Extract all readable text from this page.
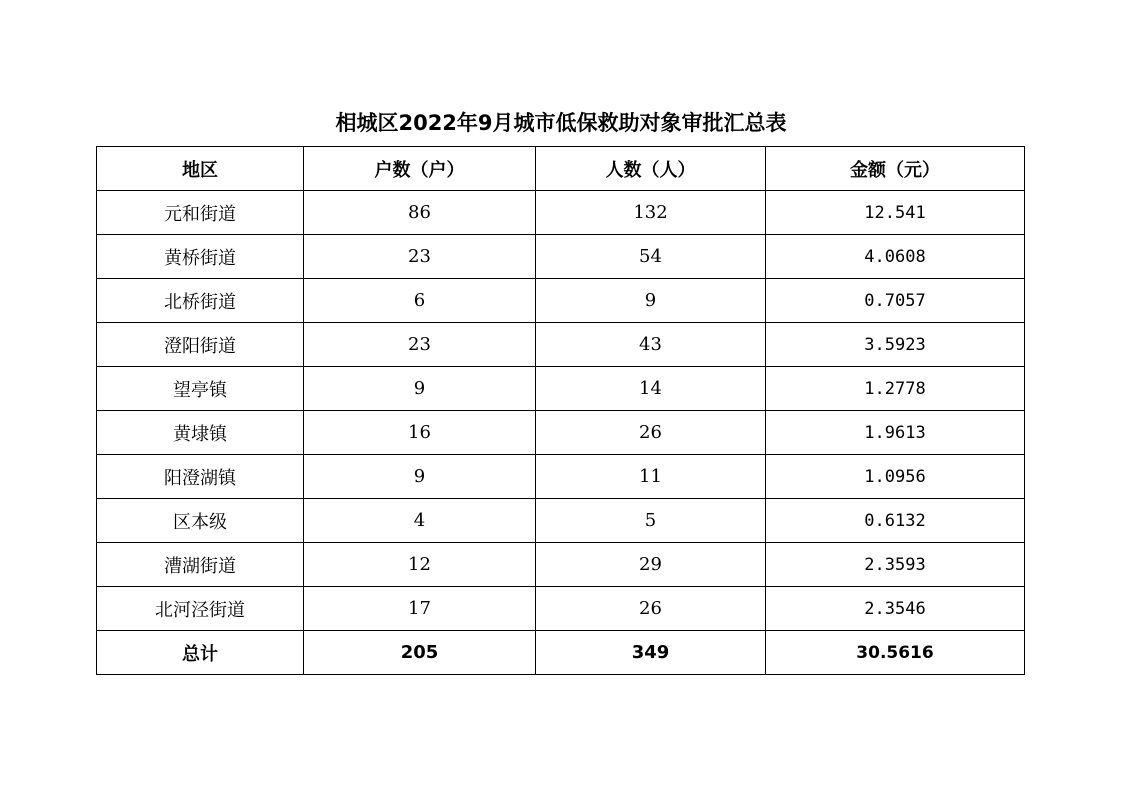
相城区2022年9月城市低保救助对象审批汇总表
地区	户数（户）	人数（人）	金额（元）
元和街道	86	132	12.541
黄桥街道	23	54	4.0608
北桥街道	6	9	0.7057
澄阳街道	23	43	3.5923
望亭镇	9	14	1.2778
黄埭镇	16	26	1.9613
阳澄湖镇	9	11	1.0956
区本级	4	5	0.6132
漕湖街道	12	29	2.3593
北河泾街道	17	26	2.3546
总计	205	349	30.5616
